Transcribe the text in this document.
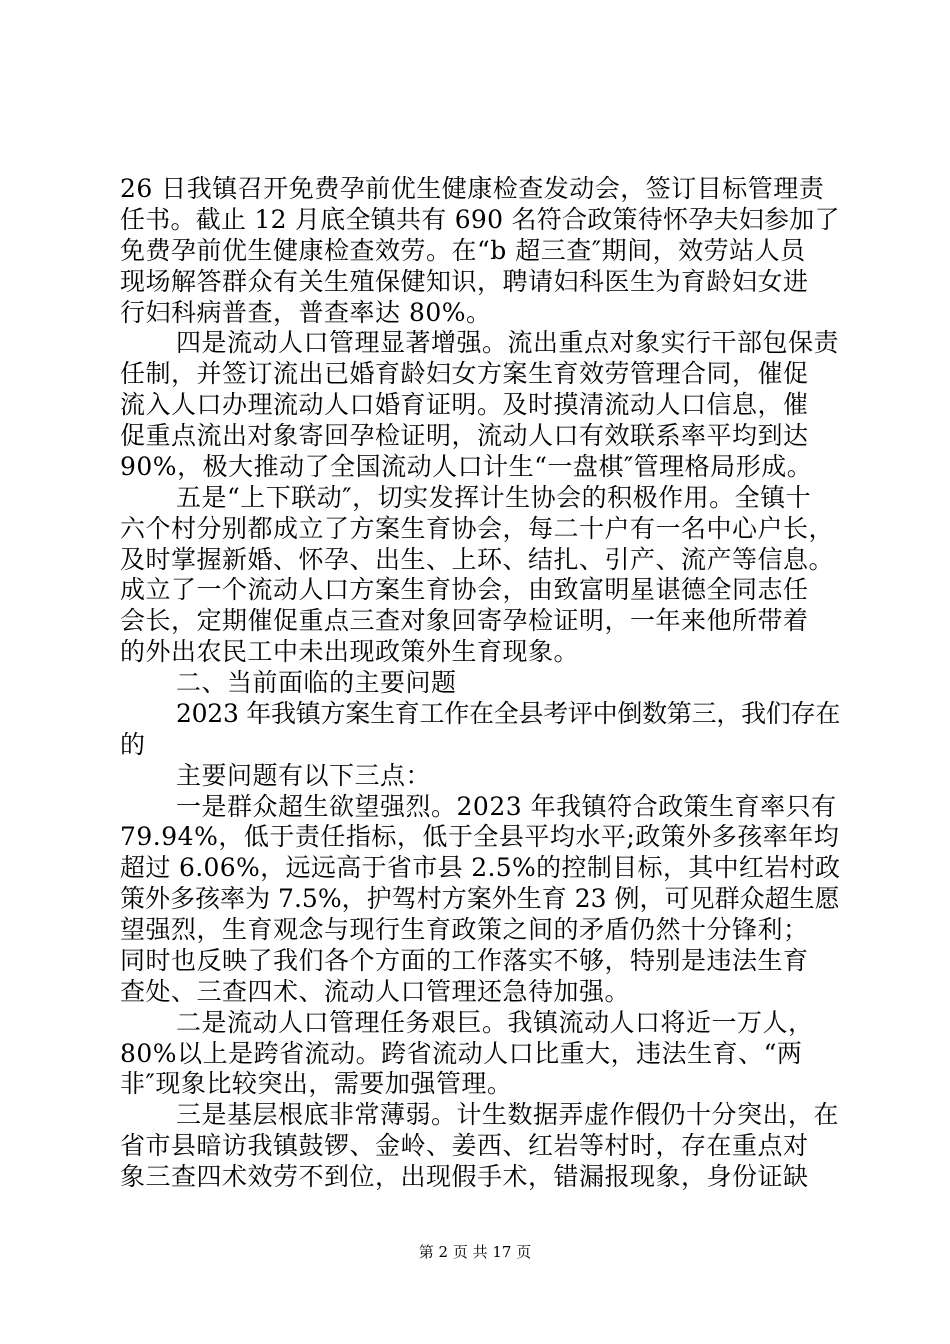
26 日我镇召开免费孕前优生健康检查发动会，签订目标管理责

任书。截止 12 月底全镇共有 690 名符合政策待怀孕夫妇参加了

免费孕前优生健康检查效劳。在“b 超三查″期间，效劳站人员

现场解答群众有关生殖保健知识，聘请妇科医生为育龄妇女进

行妇科病普查，普查率达 80%。

四是流动人口管理显著增强。流出重点对象实行干部包保责

任制，并签订流出已婚育龄妇女方案生育效劳管理合同，催促

流入人口办理流动人口婚育证明。及时摸清流动人口信息，催

促重点流出对象寄回孕检证明，流动人口有效联系率平均到达

90%，极大推动了全国流动人口计生“一盘棋″管理格局形成。

五是“上下联动″，切实发挥计生协会的积极作用。全镇十

六个村分别都成立了方案生育协会，每二十户有一名中心户长，

及时掌握新婚、怀孕、出生、上环、结扎、引产、流产等信息。

成立了一个流动人口方案生育协会，由致富明星谌德全同志任

会长，定期催促重点三查对象回寄孕检证明，一年来他所带着

的外出农民工中未出现政策外生育现象。

二、当前面临的主要问题

2023 年我镇方案生育工作在全县考评中倒数第三，我们存在

的

主要问题有以下三点：

一是群众超生欲望强烈。2023 年我镇符合政策生育率只有

79.94%，低于责任指标，低于全县平均水平;政策外多孩率年均

超过 6.06%，远远高于省市县 2.5%的控制目标，其中红岩村政

策外多孩率为 7.5%，护驾村方案外生育 23 例，可见群众超生愿

望强烈，生育观念与现行生育政策之间的矛盾仍然十分锋利；

同时也反映了我们各个方面的工作落实不够，特别是违法生育

查处、三查四术、流动人口管理还急待加强。

二是流动人口管理任务艰巨。我镇流动人口将近一万人，

80%以上是跨省流动。跨省流动人口比重大，违法生育、“两

非″现象比较突出，需要加强管理。

三是基层根底非常薄弱。计生数据弄虚作假仍十分突出，在

省市县暗访我镇鼓锣、金岭、姜西、红岩等村时，存在重点对

象三查四术效劳不到位，出现假手术，错漏报现象，身份证缺

第 2 页 共 17 页
